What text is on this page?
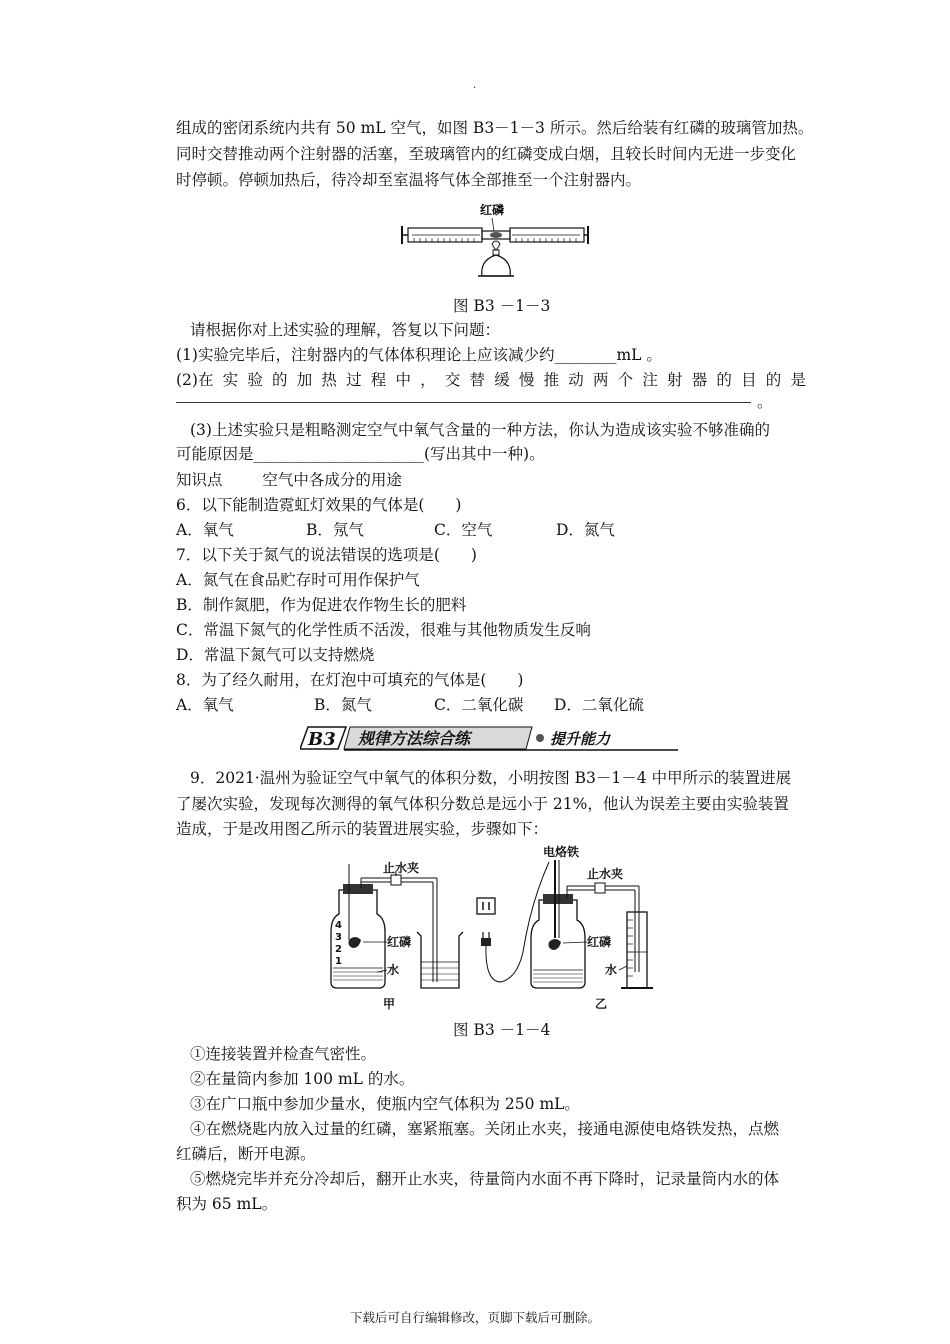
.
组成的密闭系统内共有 50 mL 空气，如图 B3－1－3 所示。然后给装有红磷的玻璃管加热。
同时交替推动两个注射器的活塞，至玻璃管内的红磷变成白烟，且较长时间内无进一步变化
时停顿。停顿加热后，待冷却至室温将气体全部推至一个注射器内。
红磷
图 B3 －1－3
请根据你对上述实验的理解，答复以下问题：
(1)实验完毕后，注射器内的气体体积理论上应该减少约________mL 。
(2)在 实 验 的 加 热 过 程 中 ， 交 替 缓 慢 推 动 两 个 注 射 器 的 目 的 是
。
(3)上述实验只是粗略测定空气中氧气含量的一种方法，你认为造成该实验不够准确的
可能原因是______________________(写出其中一种)。
知识点	空气中各成分的用途
6．以下能制造霓虹灯效果的气体是(　　)
A．氧气	B．氖气	C．空气	D．氮气
7．以下关于氮气的说法错误的选项是(　　)
A．氮气在食品贮存时可用作保护气
B．制作氮肥，作为促进农作物生长的肥料
C．常温下氮气的化学性质不活泼，很难与其他物质发生反响
D．常温下氮气可以支持燃烧
8．为了经久耐用，在灯泡中可填充的气体是(　　)
A．氧气	B．氮气	C．二氧化碳 D．二氧化硫
B3 规律方法综合练	提升能力
9．2021·温州为验证空气中氧气的体积分数，小明按图 B3－1－4 中甲所示的装置进展
了屡次实验，发现每次测得的氧气体积分数总是远小于 21%，他认为误差主要由实验装置
造成，于是改用图乙所示的装置进展实验，步骤如下：
止水夹
4
3
2
1
红磷
水
甲
电烙铁
止水夹
红磷
水
乙
图 B3 －1－4
①连接装置并检查气密性。
②在量筒内参加 100 mL 的水。
③在广口瓶中参加少量水，使瓶内空气体积为 250 mL。
④在燃烧匙内放入过量的红磷，塞紧瓶塞。关闭止水夹，接通电源使电烙铁发热，点燃
红磷后，断开电源。
⑤燃烧完毕并充分冷却后，翻开止水夹，待量筒内水面不再下降时，记录量筒内水的体
积为 65 mL。
下载后可自行编辑修改，页脚下载后可删除。
